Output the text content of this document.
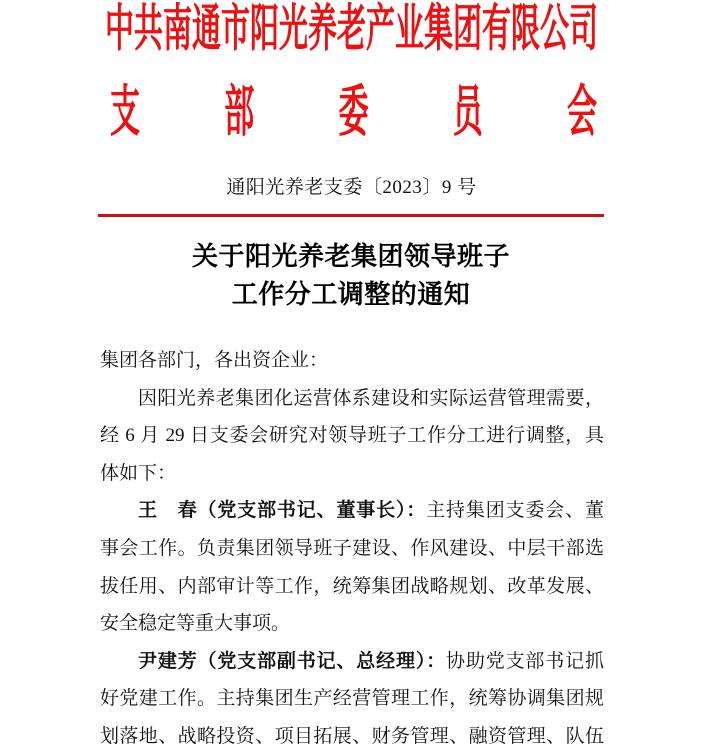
中共南通市阳光养老产业集团有限公司
支	部	委	员	会
通阳光养老支委〔2023〕9 号
关于阳光养老集团领导班子
工作分工调整的通知
集团各部门，各出资企业：
因阳光养老集团化运营体系建设和实际运营管理需要，
经 6 月 29 日支委会研究对领导班子工作分工进行调整，具
体如下：
王　春（党支部书记、董事长）：主持集团支委会、董
事会工作。负责集团领导班子建设、作风建设、中层干部选
拔任用、内部审计等工作，统筹集团战略规划、改革发展、
安全稳定等重大事项。
尹建芳（党支部副书记、总经理）：协助党支部书记抓
好党建工作。主持集团生产经营管理工作，统筹协调集团规
划落地、战略投资、项目拓展、财务管理、融资管理、队伍
